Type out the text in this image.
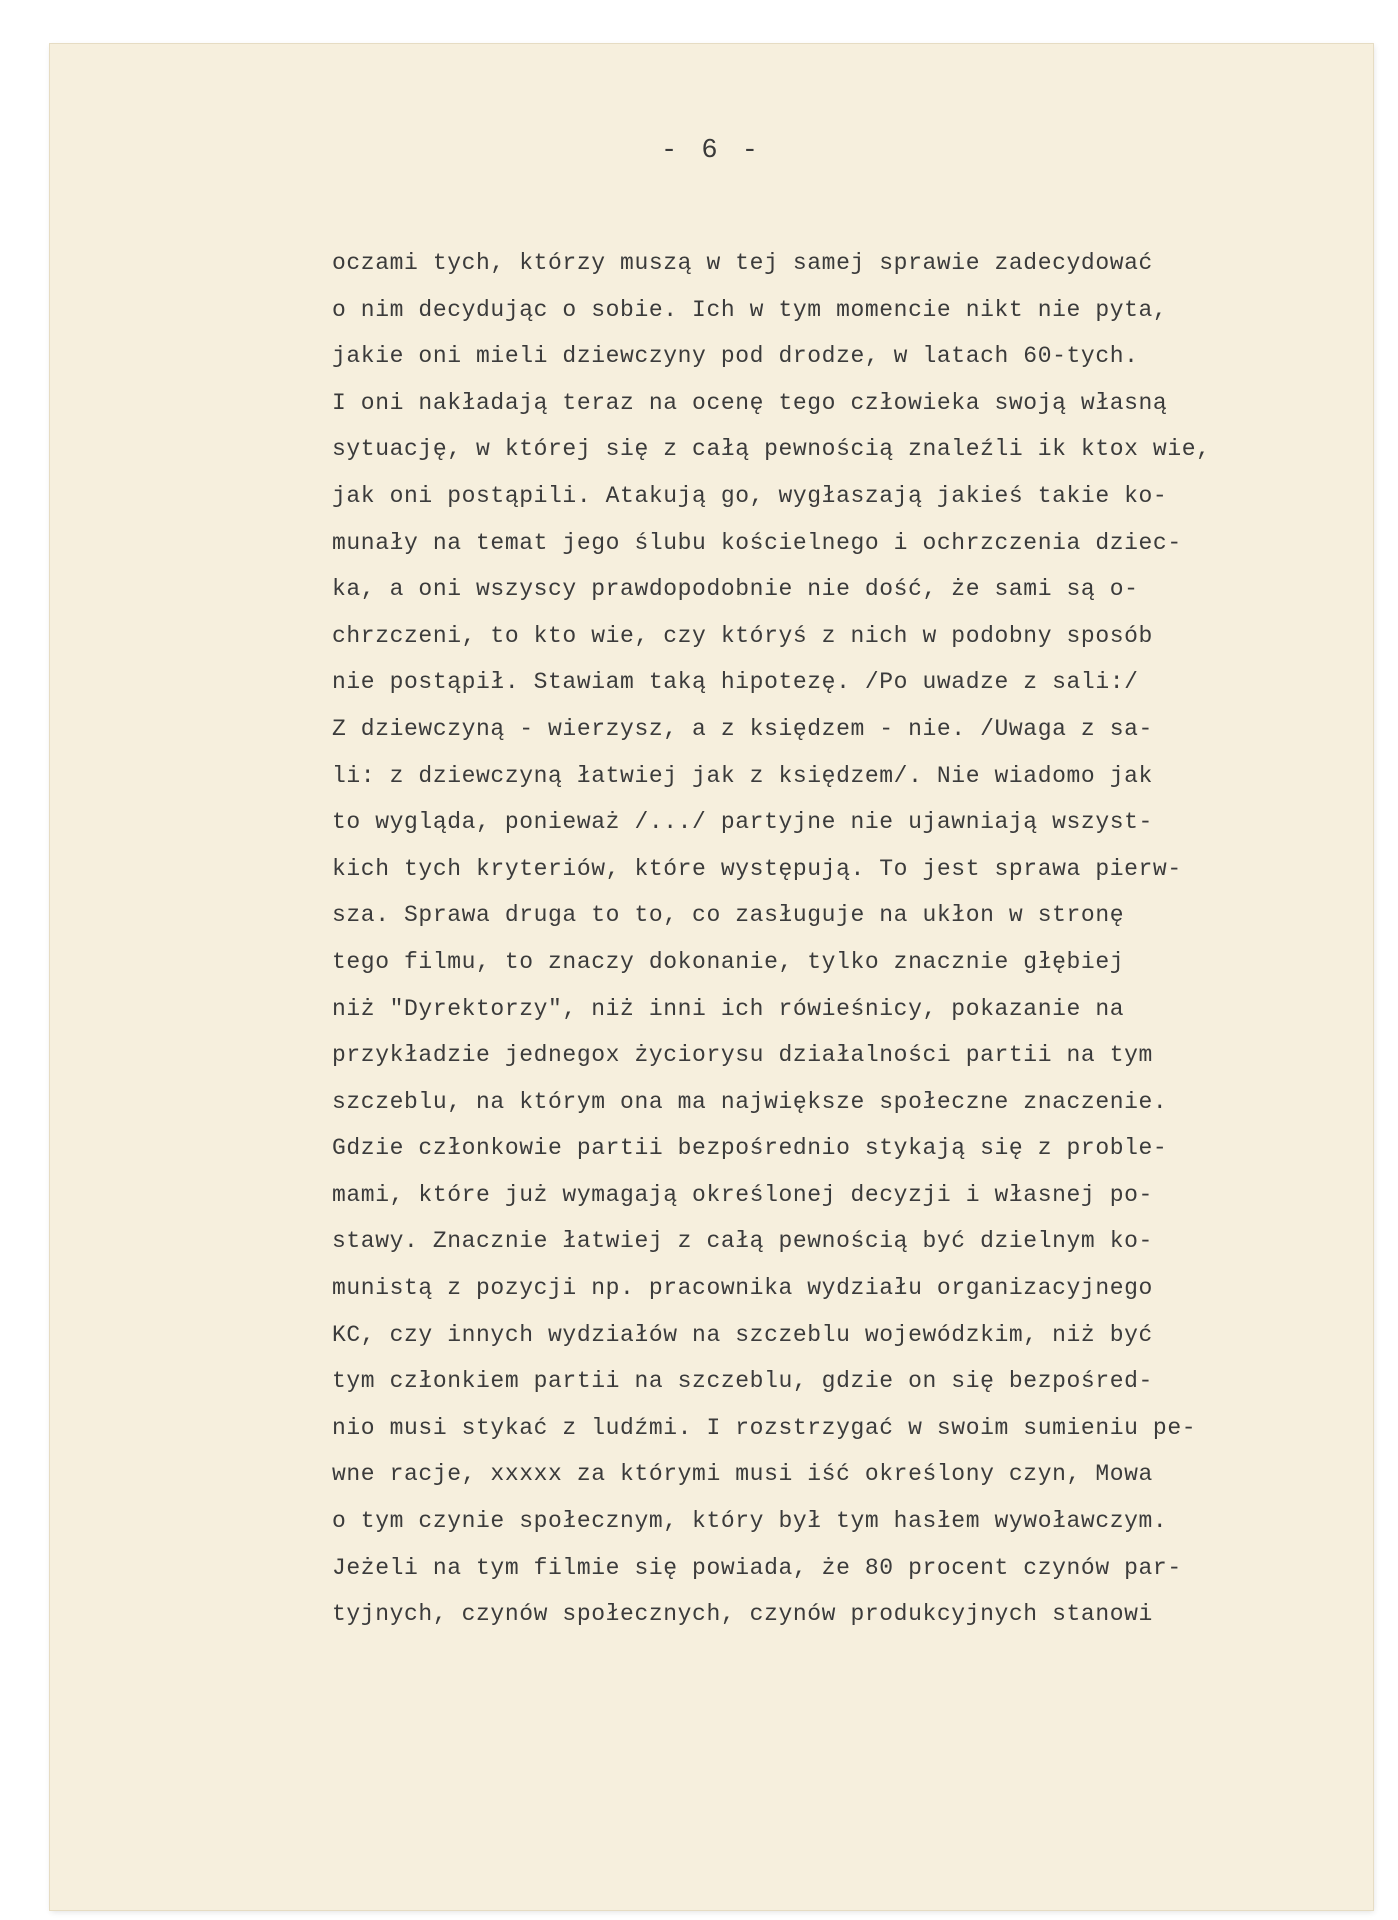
- 6 -
oczami tych, którzy muszą w tej samej sprawie zadecydować
o nim decydując o sobie. Ich w tym momencie nikt nie pyta,
jakie oni mieli dziewczyny pod drodze, w latach 60-tych.
I oni nakładają teraz na ocenę tego człowieka swoją własną
sytuację, w której się z całą pewnością znaleźli ik ktox wie,
jak oni postąpili. Atakują go, wygłaszają jakieś takie ko-
munały na temat jego ślubu kościelnego i ochrzczenia dziec-
ka, a oni wszyscy prawdopodobnie nie dość, że sami są o-
chrzczeni, to kto wie, czy któryś z nich w podobny sposób
nie postąpił. Stawiam taką hipotezę. /Po uwadze z sali:/
Z dziewczyną - wierzysz, a z księdzem - nie. /Uwaga z sa-
li: z dziewczyną łatwiej jak z księdzem/. Nie wiadomo jak
to wygląda, ponieważ /.../ partyjne nie ujawniają wszyst-
kich tych kryteriów, które występują. To jest sprawa pierw-
sza. Sprawa druga to to, co zasługuje na ukłon w stronę
tego filmu, to znaczy dokonanie, tylko znacznie głębiej
niż "Dyrektorzy", niż inni ich rówieśnicy, pokazanie na
przykładzie jednegox życiorysu działalności partii na tym
szczeblu, na którym ona ma największe społeczne znaczenie.
Gdzie członkowie partii bezpośrednio stykają się z proble-
mami, które już wymagają określonej decyzji i własnej po-
stawy. Znacznie łatwiej z całą pewnością być dzielnym ko-
munistą z pozycji np. pracownika wydziału organizacyjnego
KC, czy innych wydziałów na szczeblu wojewódzkim, niż być
tym członkiem partii na szczeblu, gdzie on się bezpośred-
nio musi stykać z ludźmi. I rozstrzygać w swoim sumieniu pe-
wne racje, xxxxx za którymi musi iść określony czyn, Mowa
o tym czynie społecznym, który był tym hasłem wywoławczym.
Jeżeli na tym filmie się powiada, że 80 procent czynów par-
tyjnych, czynów społecznych, czynów produkcyjnych stanowi
